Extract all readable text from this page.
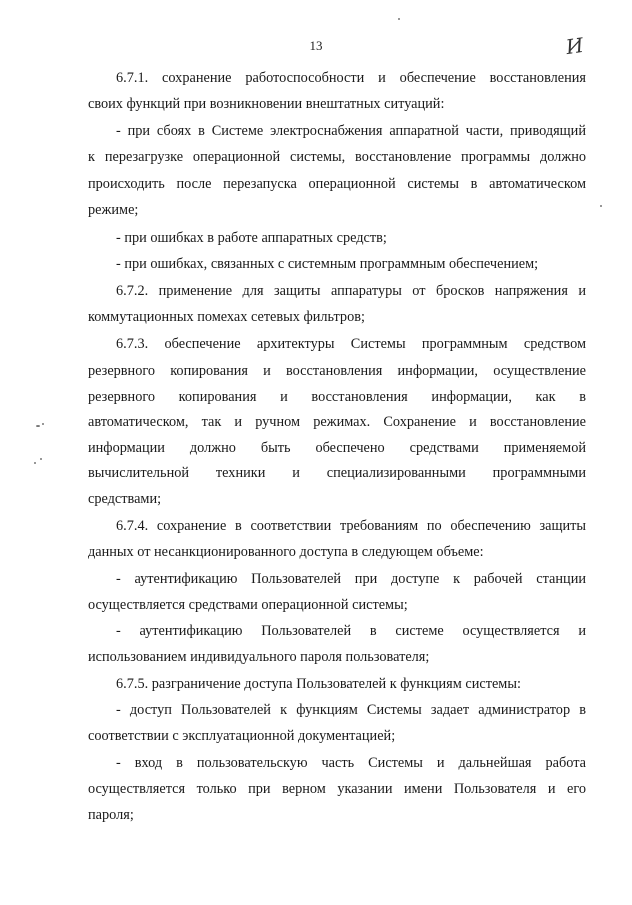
13	И
6.7.1. сохранение работоспособности и обеспечение восстановления
своих функций при возникновении внештатных ситуаций:
- при сбоях в Системе электроснабжения аппаратной части, приводящий
к перезагрузке операционной системы, восстановление программы должно
происходить после перезапуска операционной системы в автоматическом
режиме;
- при ошибках в работе аппаратных средств;
- при ошибках, связанных с системным программным обеспечением;
6.7.2. применение для защиты аппаратуры от бросков напряжения и
коммутационных помехах сетевых фильтров;
6.7.3. обеспечение архитектуры Системы программным средством
резервного копирования и восстановления информации, осуществление
резервного копирования и восстановления информации, как в
автоматическом, так и ручном режимах. Сохранение и восстановление
информации должно быть обеспечено средствами применяемой
вычислительной техники и специализированными программными
средствами;
6.7.4. сохранение в соответствии требованиям по обеспечению защиты
данных от несанкционированного доступа в следующем объеме:
- аутентификацию Пользователей при доступе к рабочей станции
осуществляется средствами операционной системы;
- аутентификацию Пользователей в системе осуществляется и
использованием индивидуального пароля пользователя;
6.7.5. разграничение доступа Пользователей к функциям системы:
- доступ Пользователей к функциям Системы задает администратор в
соответствии с эксплуатационной документацией;
- вход в пользовательскую часть Системы и дальнейшая работа
осуществляется только при верном указании имени Пользователя и его
пароля;
